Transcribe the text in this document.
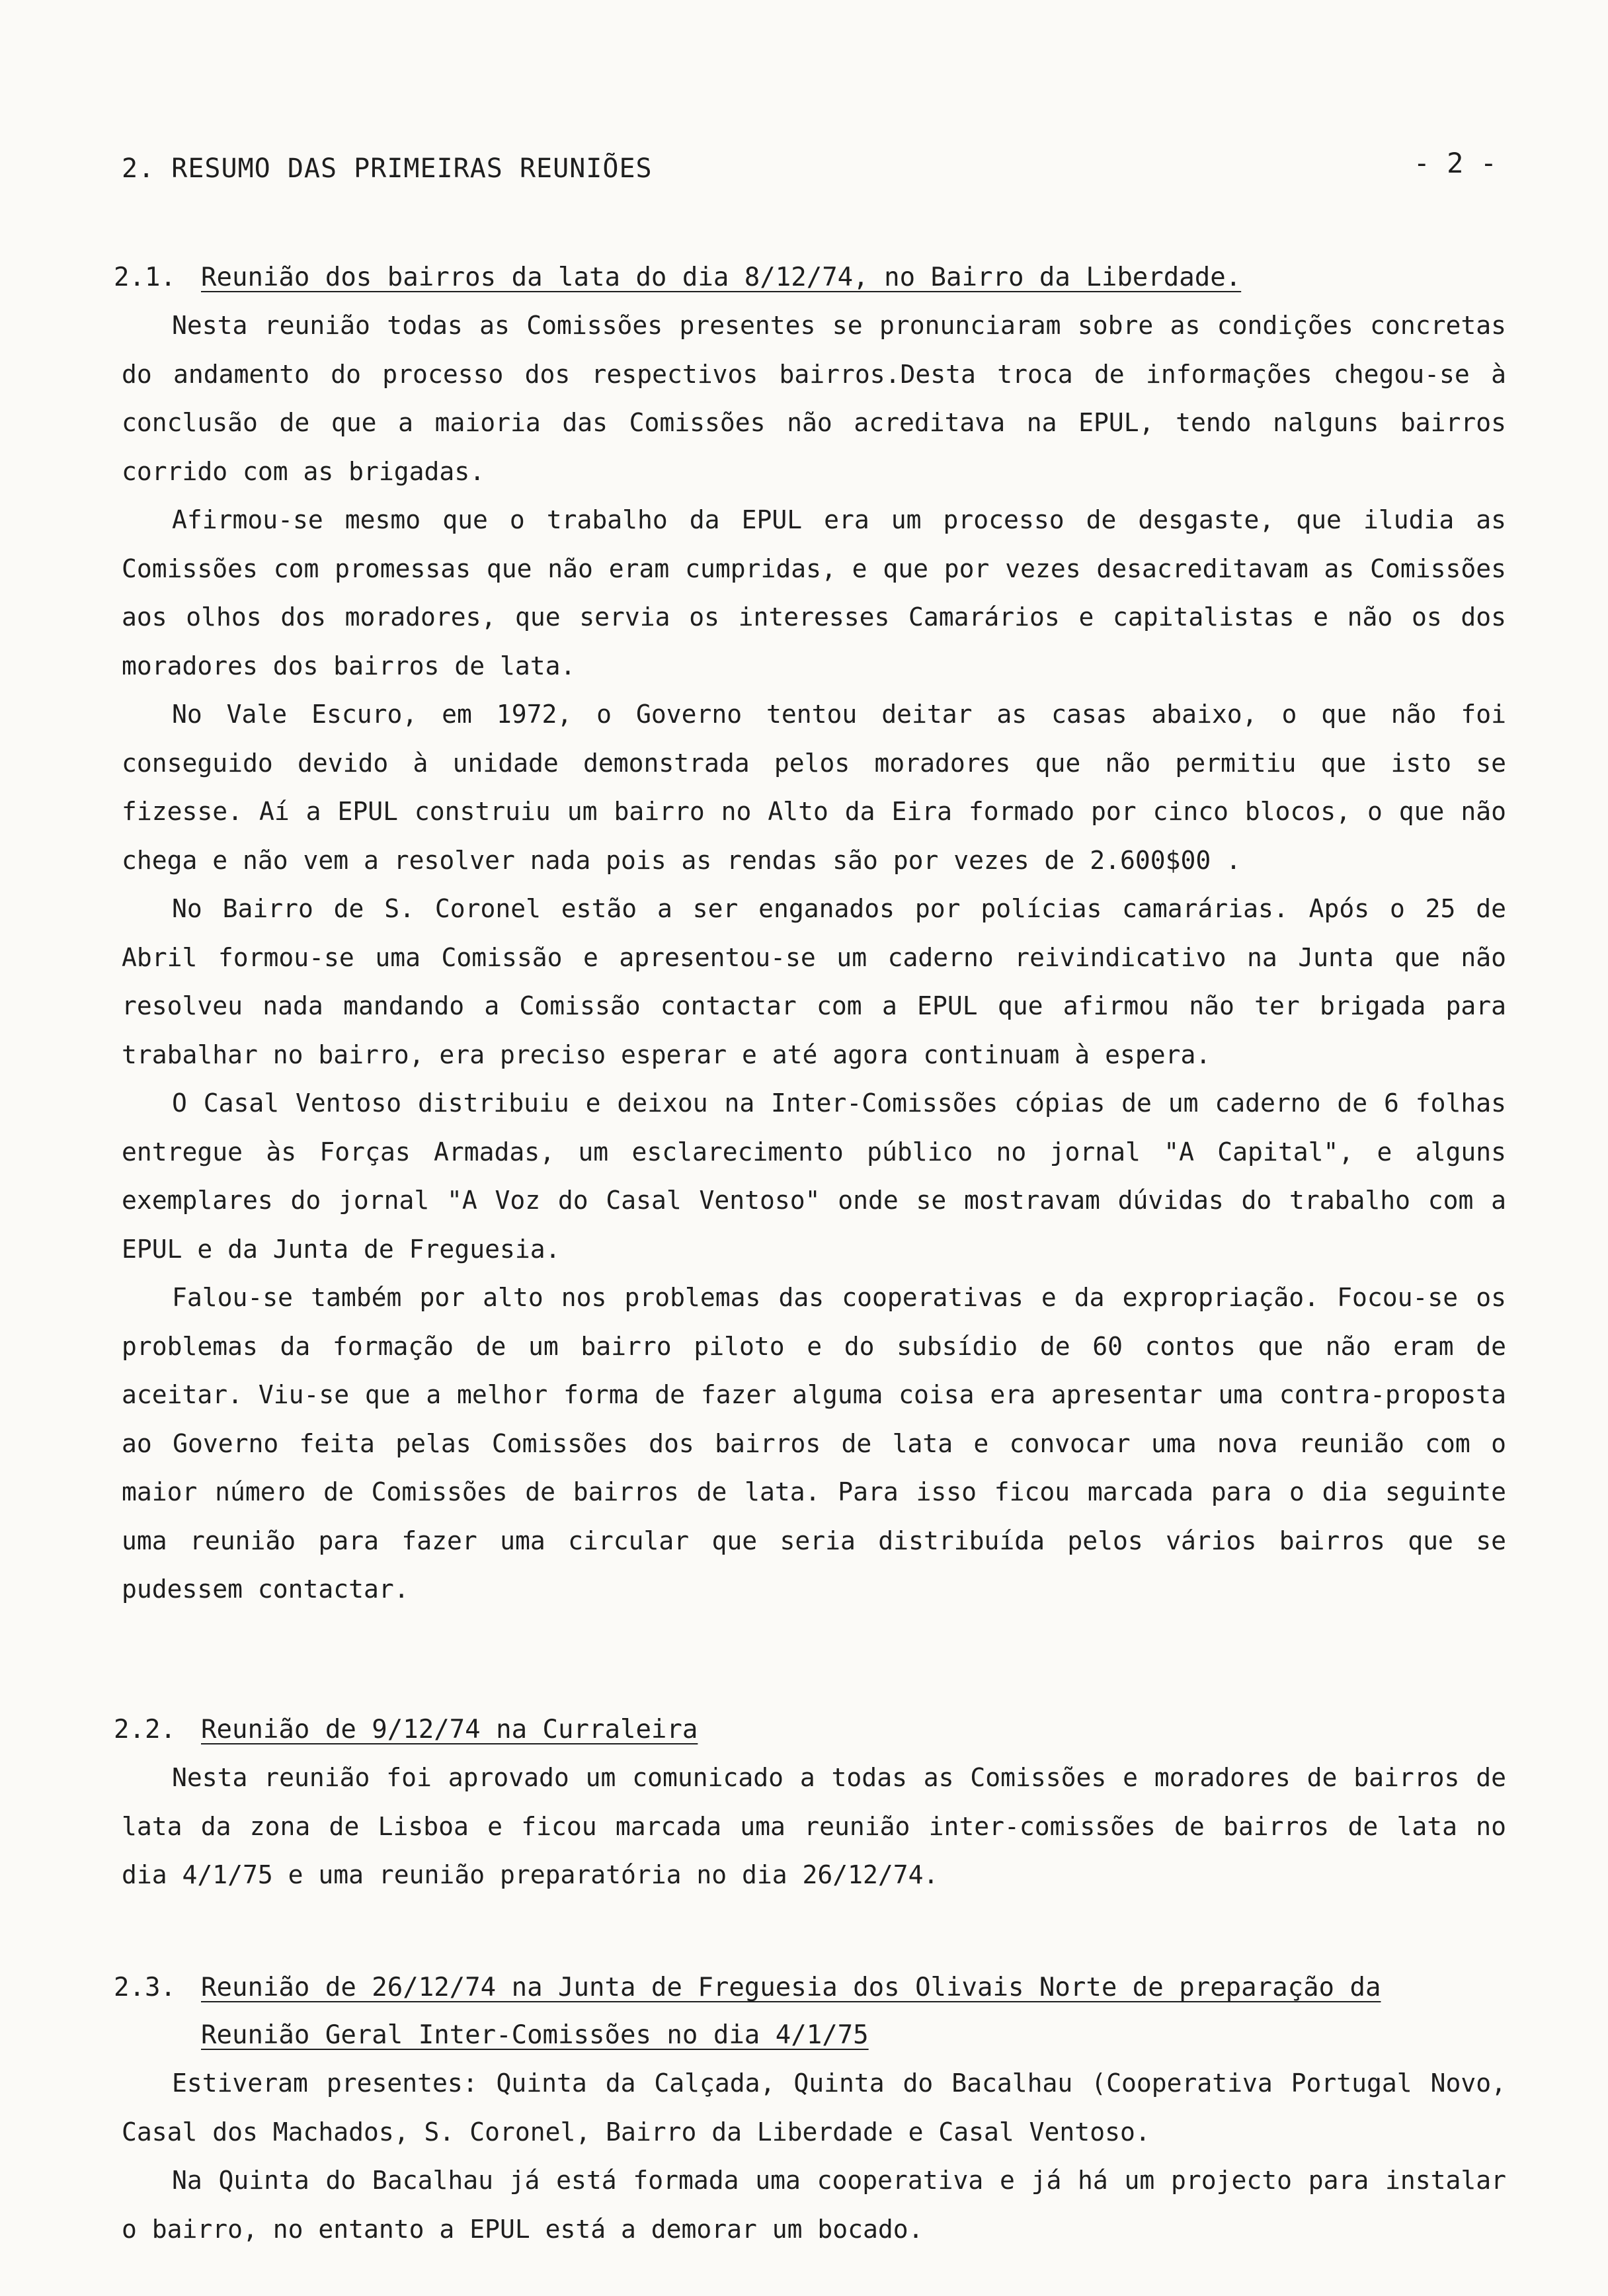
2. RESUMO DAS PRIMEIRAS REUNIÕES	- 2 -
2.1. Reunião dos bairros da lata do dia 8/12/74, no Bairro da Liberdade.

Nesta reunião todas as Comissões presentes se pronunciaram sobre as condições concretas do andamento do processo dos respectivos bairros.Desta troca de informações chegou-se à conclusão de que a maioria das Comissões não acreditava na EPUL, tendo nalguns bairros corrido com as brigadas.

Afirmou-se mesmo que o trabalho da EPUL era um processo de desgaste, que iludia as Comissões com promessas que não eram cumpridas, e que por vezes desacreditavam as Comissões aos olhos dos moradores, que servia os interesses Camarários e capitalistas e não os dos moradores dos bairros de lata.

No Vale Escuro, em 1972, o Governo tentou deitar as casas abaixo, o que não foi conseguido devido à unidade demonstrada pelos moradores que não permitiu que isto se fizesse. Aí a EPUL construiu um bairro no Alto da Eira formado por cinco blocos, o que não chega e não vem a resolver nada pois as rendas são por vezes de 2.600$00 .

No Bairro de S. Coronel estão a ser enganados por polícias camarárias. Após o 25 de Abril formou-se uma Comissão e apresentou-se um caderno reivindicativo na Junta que não resolveu nada mandando a Comissão contactar com a EPUL que afirmou não ter brigada para trabalhar no bairro, era preciso esperar e até agora continuam à espera.

O Casal Ventoso distribuiu e deixou na Inter-Comissões cópias de um caderno de 6 folhas entregue às Forças Armadas, um esclarecimento público no jornal "A Capital", e alguns exemplares do jornal "A Voz do Casal Ventoso" onde se mostravam dúvidas do trabalho com a EPUL e da Junta de Freguesia.

Falou-se também por alto nos problemas das cooperativas e da expropriação. Focou-se os problemas da formação de um bairro piloto e do subsídio de 60 contos que não eram de aceitar. Viu-se que a melhor forma de fazer alguma coisa era apresentar uma contra-proposta ao Governo feita pelas Comissões dos bairros de lata e convocar uma nova reunião com o maior número de Comissões de bairros de lata. Para isso ficou marcada para o dia seguinte uma reunião para fazer uma circular que seria distribuída pelos vários bairros que se pudessem contactar.

2.2. Reunião de 9/12/74 na Curraleira

Nesta reunião foi aprovado um comunicado a todas as Comissões e moradores de bairros de lata da zona de Lisboa e ficou marcada uma reunião inter-comissões de bairros de lata no dia 4/1/75 e uma reunião preparatória no dia 26/12/74.

2.3. Reunião de 26/12/74 na Junta de Freguesia dos Olivais Norte de preparação da
Reunião Geral Inter-Comissões no dia 4/1/75

Estiveram presentes: Quinta da Calçada, Quinta do Bacalhau (Cooperativa Portugal Novo, Casal dos Machados, S. Coronel, Bairro da Liberdade e Casal Ventoso.

Na Quinta do Bacalhau já está formada uma cooperativa e já há um projecto para instalar o bairro, no entanto a EPUL está a demorar um bocado.
